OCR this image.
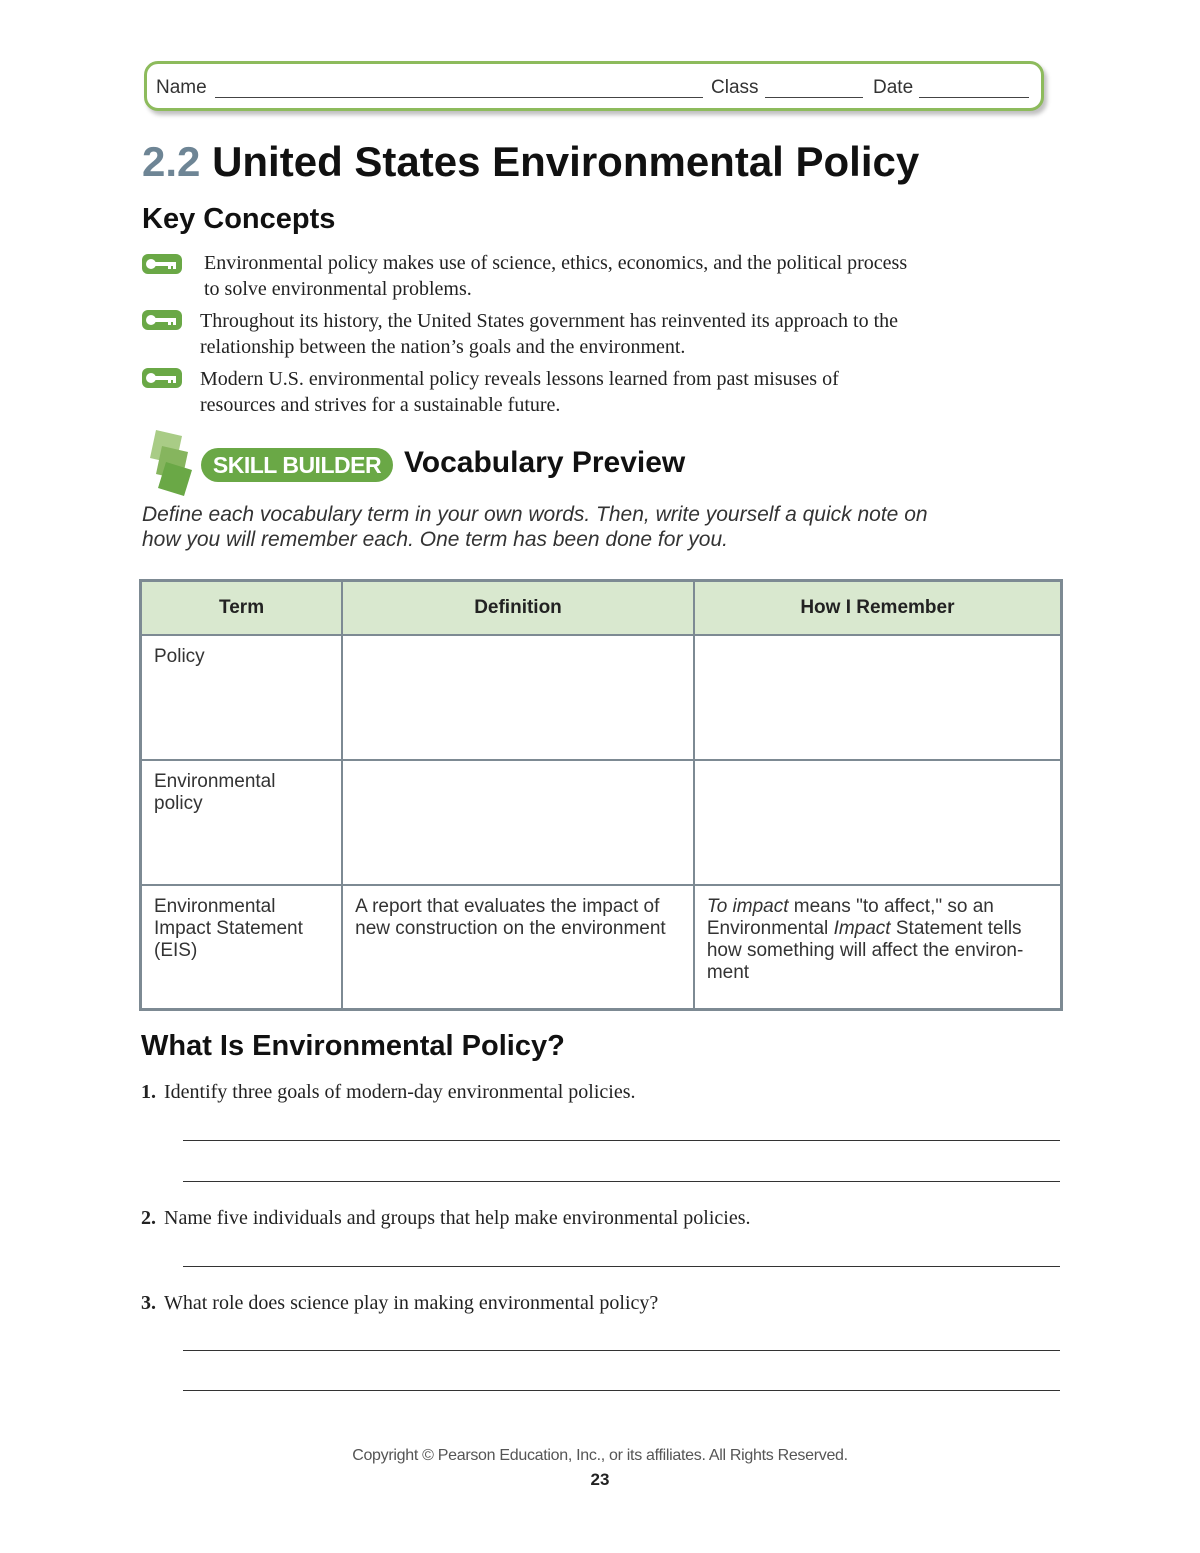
Name	Class	Date
2.2 United States Environmental Policy
Key Concepts
Environmental policy makes use of science, ethics, economics, and the political process
to solve environmental problems.
Throughout its history, the United States government has reinvented its approach to the
relationship between the nation’s goals and the environment.
Modern U.S. environmental policy reveals lessons learned from past misuses of
resources and strives for a sustainable future.
SKILL BUILDER Vocabulary Preview
Define each vocabulary term in your own words. Then, write yourself a quick note on
how you will remember each. One term has been done for you.
Term	Definition	How I Remember
Policy		
Environmental policy		
Environmental Impact Statement (EIS)	A report that evaluates the impact of new construction on the environment	To impact means "to affect," so an Environmental Impact Statement tells how something will affect the environ-ment
What Is Environmental Policy?
1. Identify three goals of modern-day environmental policies.
2. Name five individuals and groups that help make environmental policies.
3. What role does science play in making environmental policy?
Copyright © Pearson Education, Inc., or its affiliates. All Rights Reserved.
23
